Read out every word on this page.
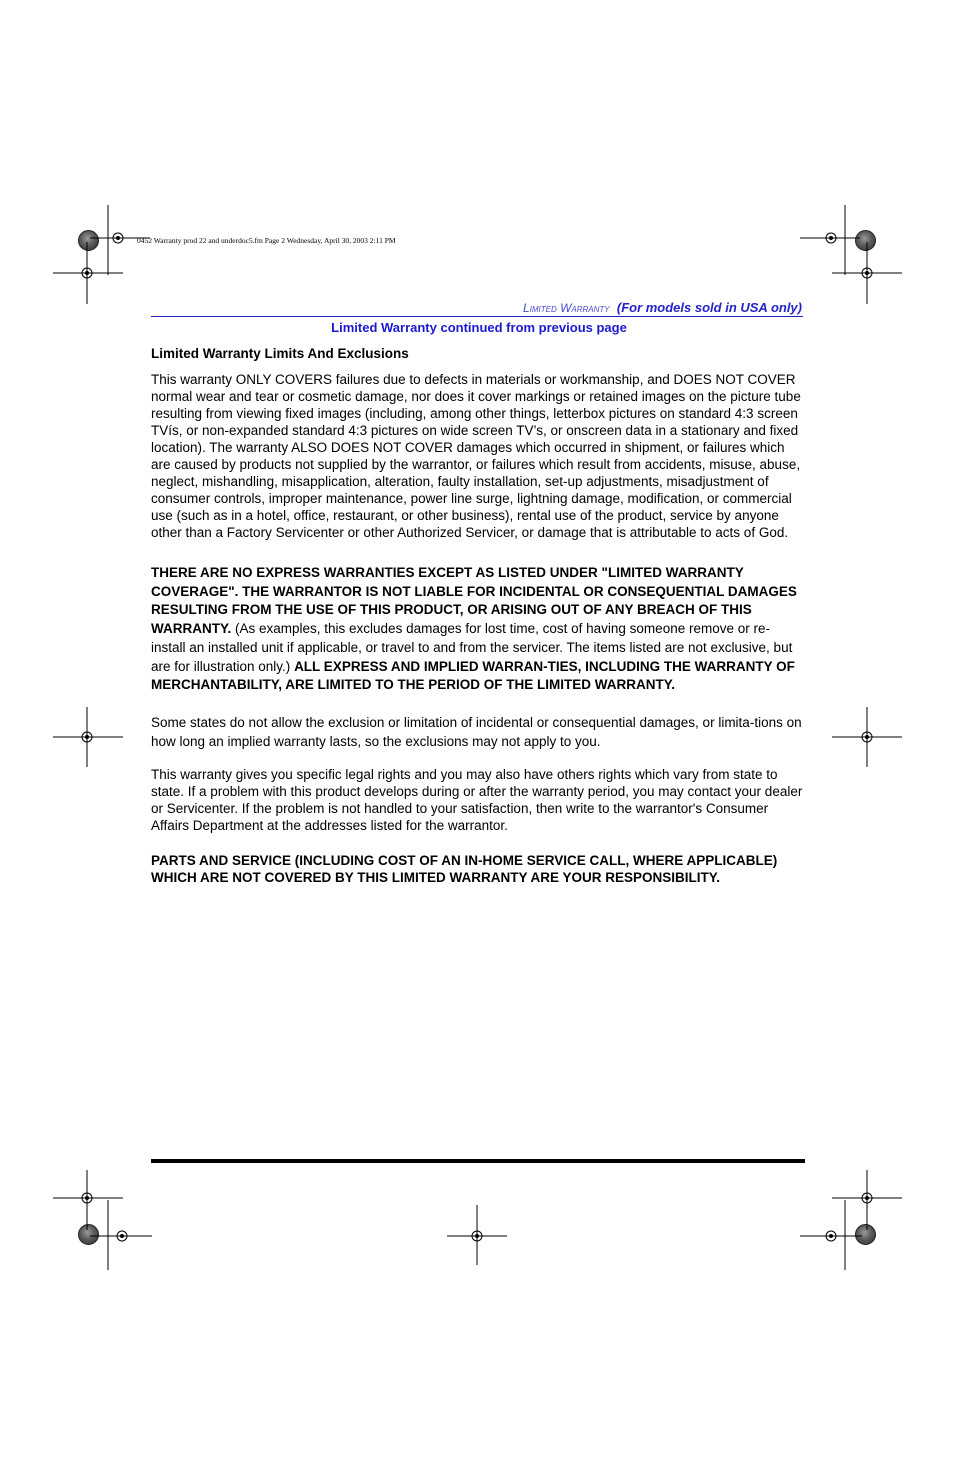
0452 Warranty prod 22 and underdoc5.fm Page 2 Wednesday, April 30, 2003 2:11 PM
Limited Warranty (For models sold in USA only)
Limited Warranty continued from previous page
Limited Warranty Limits And Exclusions

This warranty ONLY COVERS failures due to defects in materials or workmanship, and DOES NOT COVER normal wear and tear or cosmetic damage, nor does it cover markings or retained images on the picture tube resulting from viewing fixed images (including, among other things, letterbox pictures on standard 4:3 screen TVís, or non-expanded standard 4:3 pictures on wide screen TV’s, or onscreen data in a stationary and fixed location). The warranty ALSO DOES NOT COVER damages which occurred in shipment, or failures which are caused by products not supplied by the warrantor, or failures which result from accidents, misuse, abuse, neglect, mishandling, misapplication, alteration, faulty installation, set-up adjustments, misadjustment of consumer controls, improper maintenance, power line surge, lightning damage, modification, or commercial use (such as in a hotel, office, restaurant, or other business), rental use of the product, service by anyone other than a Factory Servicenter or other Authorized Servicer, or damage that is attributable to acts of God.

THERE ARE NO EXPRESS WARRANTIES EXCEPT AS LISTED UNDER "LIMITED WARRANTY COVERAGE". THE WARRANTOR IS NOT LIABLE FOR INCIDENTAL OR CONSEQUENTIAL DAMAGES RESULTING FROM THE USE OF THIS PRODUCT, OR ARISING OUT OF ANY BREACH OF THIS WARRANTY. (As examples, this excludes damages for lost time, cost of having someone remove or re-install an installed unit if applicable, or travel to and from the servicer. The items listed are not exclusive, but are for illustration only.) ALL EXPRESS AND IMPLIED WARRAN-TIES, INCLUDING THE WARRANTY OF MERCHANTABILITY, ARE LIMITED TO THE PERIOD OF THE LIMITED WARRANTY.

Some states do not allow the exclusion or limitation of incidental or consequential damages, or limita-tions on how long an implied warranty lasts, so the exclusions may not apply to you.

This warranty gives you specific legal rights and you may also have others rights which vary from state to state. If a problem with this product develops during or after the warranty period, you may contact your dealer or Servicenter. If the problem is not handled to your satisfaction, then write to the warrantor's Consumer Affairs Department at the addresses listed for the warrantor.

PARTS AND SERVICE (INCLUDING COST OF AN IN-HOME SERVICE CALL, WHERE APPLICABLE) WHICH ARE NOT COVERED BY THIS LIMITED WARRANTY ARE YOUR RESPONSIBILITY.
